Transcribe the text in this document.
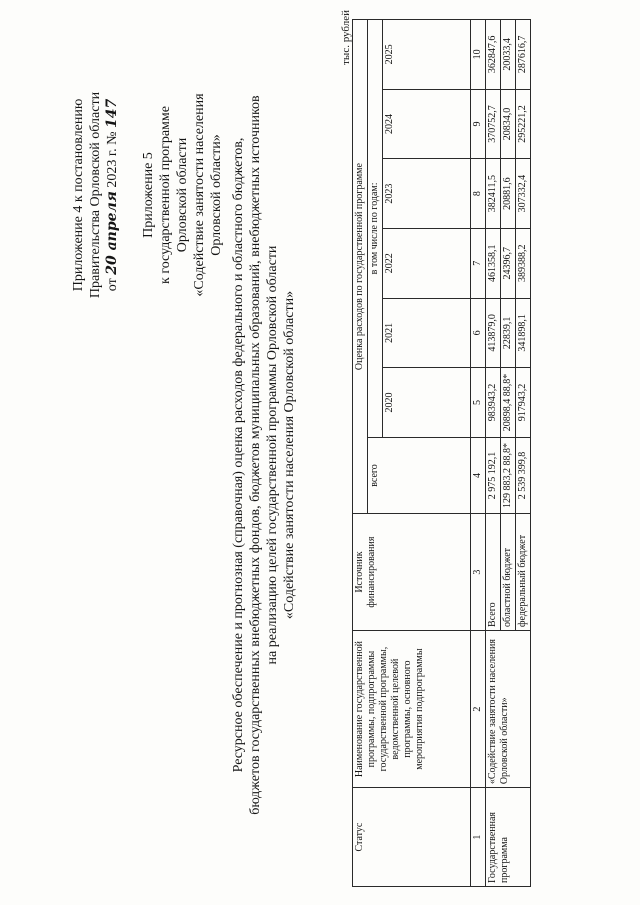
Приложение 4 к постановлению Правительства Орловской области от 20 апреля 2023 г. № 147
Приложение 5 к государственной программе Орловской области «Содействие занятости населения Орловской области» Ресурсное обеспечение и прогнозная (справочная) оценка расходов федерального и областного бюджетов, бюджетов государственных внебюджетных фондов, бюджетов муниципальных образований, внебюджетных источников на реализацию целей государственной программы Орловской области «Содействие занятости населения Орловской области»
тыс. рублей
Статус	Наименование государственной программы, подпрограммы государственной программы, ведомственной целевой программы, основного мероприятия подпрограммы	Источник финансирования	Оценка расходов по государственной программе						
			всего	в том числе по годам:					
				2020	2021	2022	2023	2024	2025
1	2	3	4	5	6	7	8	9	10
Государственная программа	«Содействие занятости населения Орловской области»	Всего	2 975 192,1	983943,2	413879,0	461358,1	382411,5	370752,7	362847,6
		областной бюджет	129 883,2 88,8*	20898,4 88,8*	22839,1	24396,7	20881,6	20834,0	20033,4
		федеральный бюджет	2 539 399,8	917943,2	341898,1	389388,2	307332,4	295221,2	287616,7
